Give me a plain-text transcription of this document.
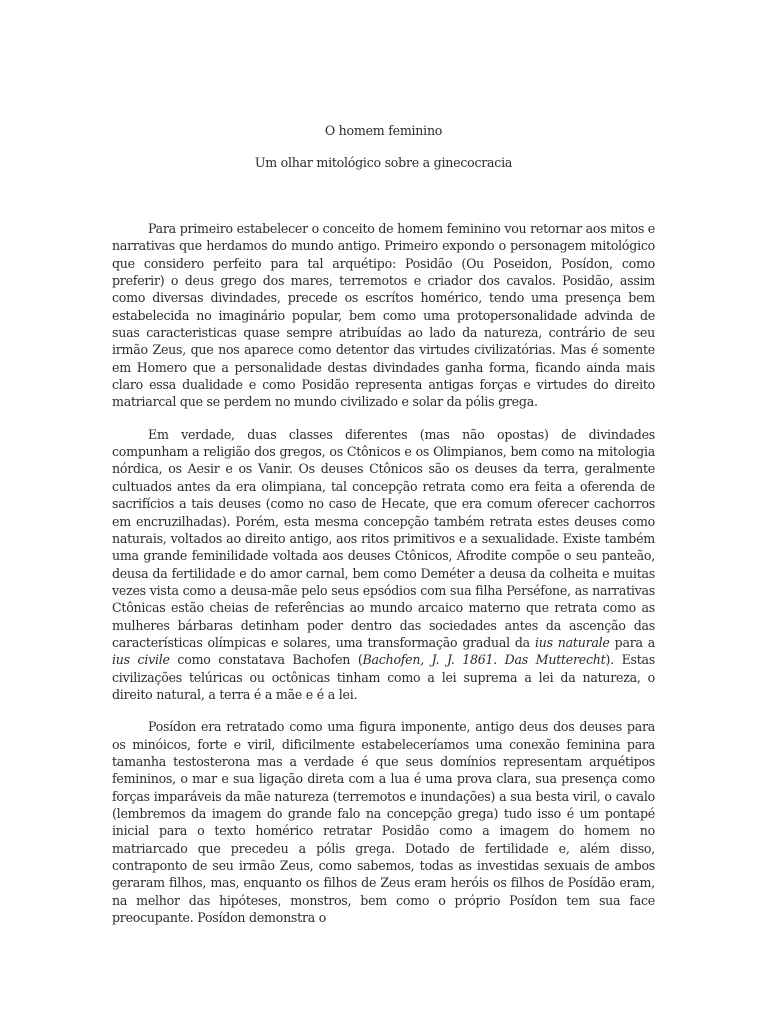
O homem feminino
Um olhar mitológico sobre a ginecocracia

Para primeiro estabelecer o conceito de homem feminino vou retornar aos mitos e narrativas que herdamos do mundo antigo. Primeiro expondo o personagem mitológico que considero perfeito para tal arquétipo: Posidão (Ou Poseidon, Posídon, como preferir) o deus grego dos mares, terremotos e criador dos cavalos. Posidão, assim como diversas divindades, precede os escrítos homérico, tendo uma presença bem estabelecida no imaginário popular, bem como uma protopersonalidade advinda de suas caracteristicas quase sempre atribuídas ao lado da natureza, contrário de seu irmão Zeus, que nos aparece como detentor das virtudes civilizatórias. Mas é somente em Homero que a personalidade destas divindades ganha forma, ficando ainda mais claro essa dualidade e como Posidão representa antigas forças e virtudes do direito matriarcal que se perdem no mundo civilizado e solar da pólis grega.

Em verdade, duas classes diferentes (mas não opostas) de divindades compunham a religião dos gregos, os Ctônicos e os Olimpianos, bem como na mitologia nórdica, os Aesir e os Vanir. Os deuses Ctônicos são os deuses da terra, geralmente cultuados antes da era olimpiana, tal concepção retrata como era feita a oferenda de sacrifícios a tais deuses (como no caso de Hecate, que era comum oferecer cachorros em encruzilhadas). Porém, esta mesma concepção também retrata estes deuses como naturais, voltados ao direito antigo, aos ritos primitivos e a sexualidade. Existe também uma grande feminilidade voltada aos deuses Ctônicos, Afrodite compõe o seu panteão, deusa da fertilidade e do amor carnal, bem como Deméter a deusa da colheita e muitas vezes vista como a deusa-mãe pelo seus epsódios com sua filha Perséfone, as narrativas Ctônicas estão cheias de referências ao mundo arcaico materno que retrata como as mulheres bárbaras detinham poder dentro das sociedades antes da ascenção das características olímpicas e solares, uma transformação gradual da ius naturale para a ius civile como constatava Bachofen (Bachofen, J. J. 1861. Das Mutterecht). Estas civilizações telúricas ou octônicas tinham como a lei suprema a lei da natureza, o direito natural, a terra é a mãe e é a lei.

Posídon era retratado como uma figura imponente, antigo deus dos deuses para os minóicos, forte e viril, dificilmente estabeleceríamos uma conexão feminina para tamanha testosterona mas a verdade é que seus domínios representam arquétipos femininos, o mar e sua ligação direta com a lua é uma prova clara, sua presença como forças imparáveis da mãe natureza (terremotos e inundações) a sua besta viril, o cavalo (lembremos da imagem do grande falo na concepção grega) tudo isso é um pontapé inicial para o texto homérico retratar Posidão como a imagem do homem no matriarcado que precedeu a pólis grega. Dotado de fertilidade e, além disso, contraponto de seu irmão Zeus, como sabemos, todas as investidas sexuais de ambos geraram filhos, mas, enquanto os filhos de Zeus eram heróis os filhos de Posídão eram, na melhor das hipóteses, monstros, bem como o próprio Posídon tem sua face preocupante. Posídon demonstra o
